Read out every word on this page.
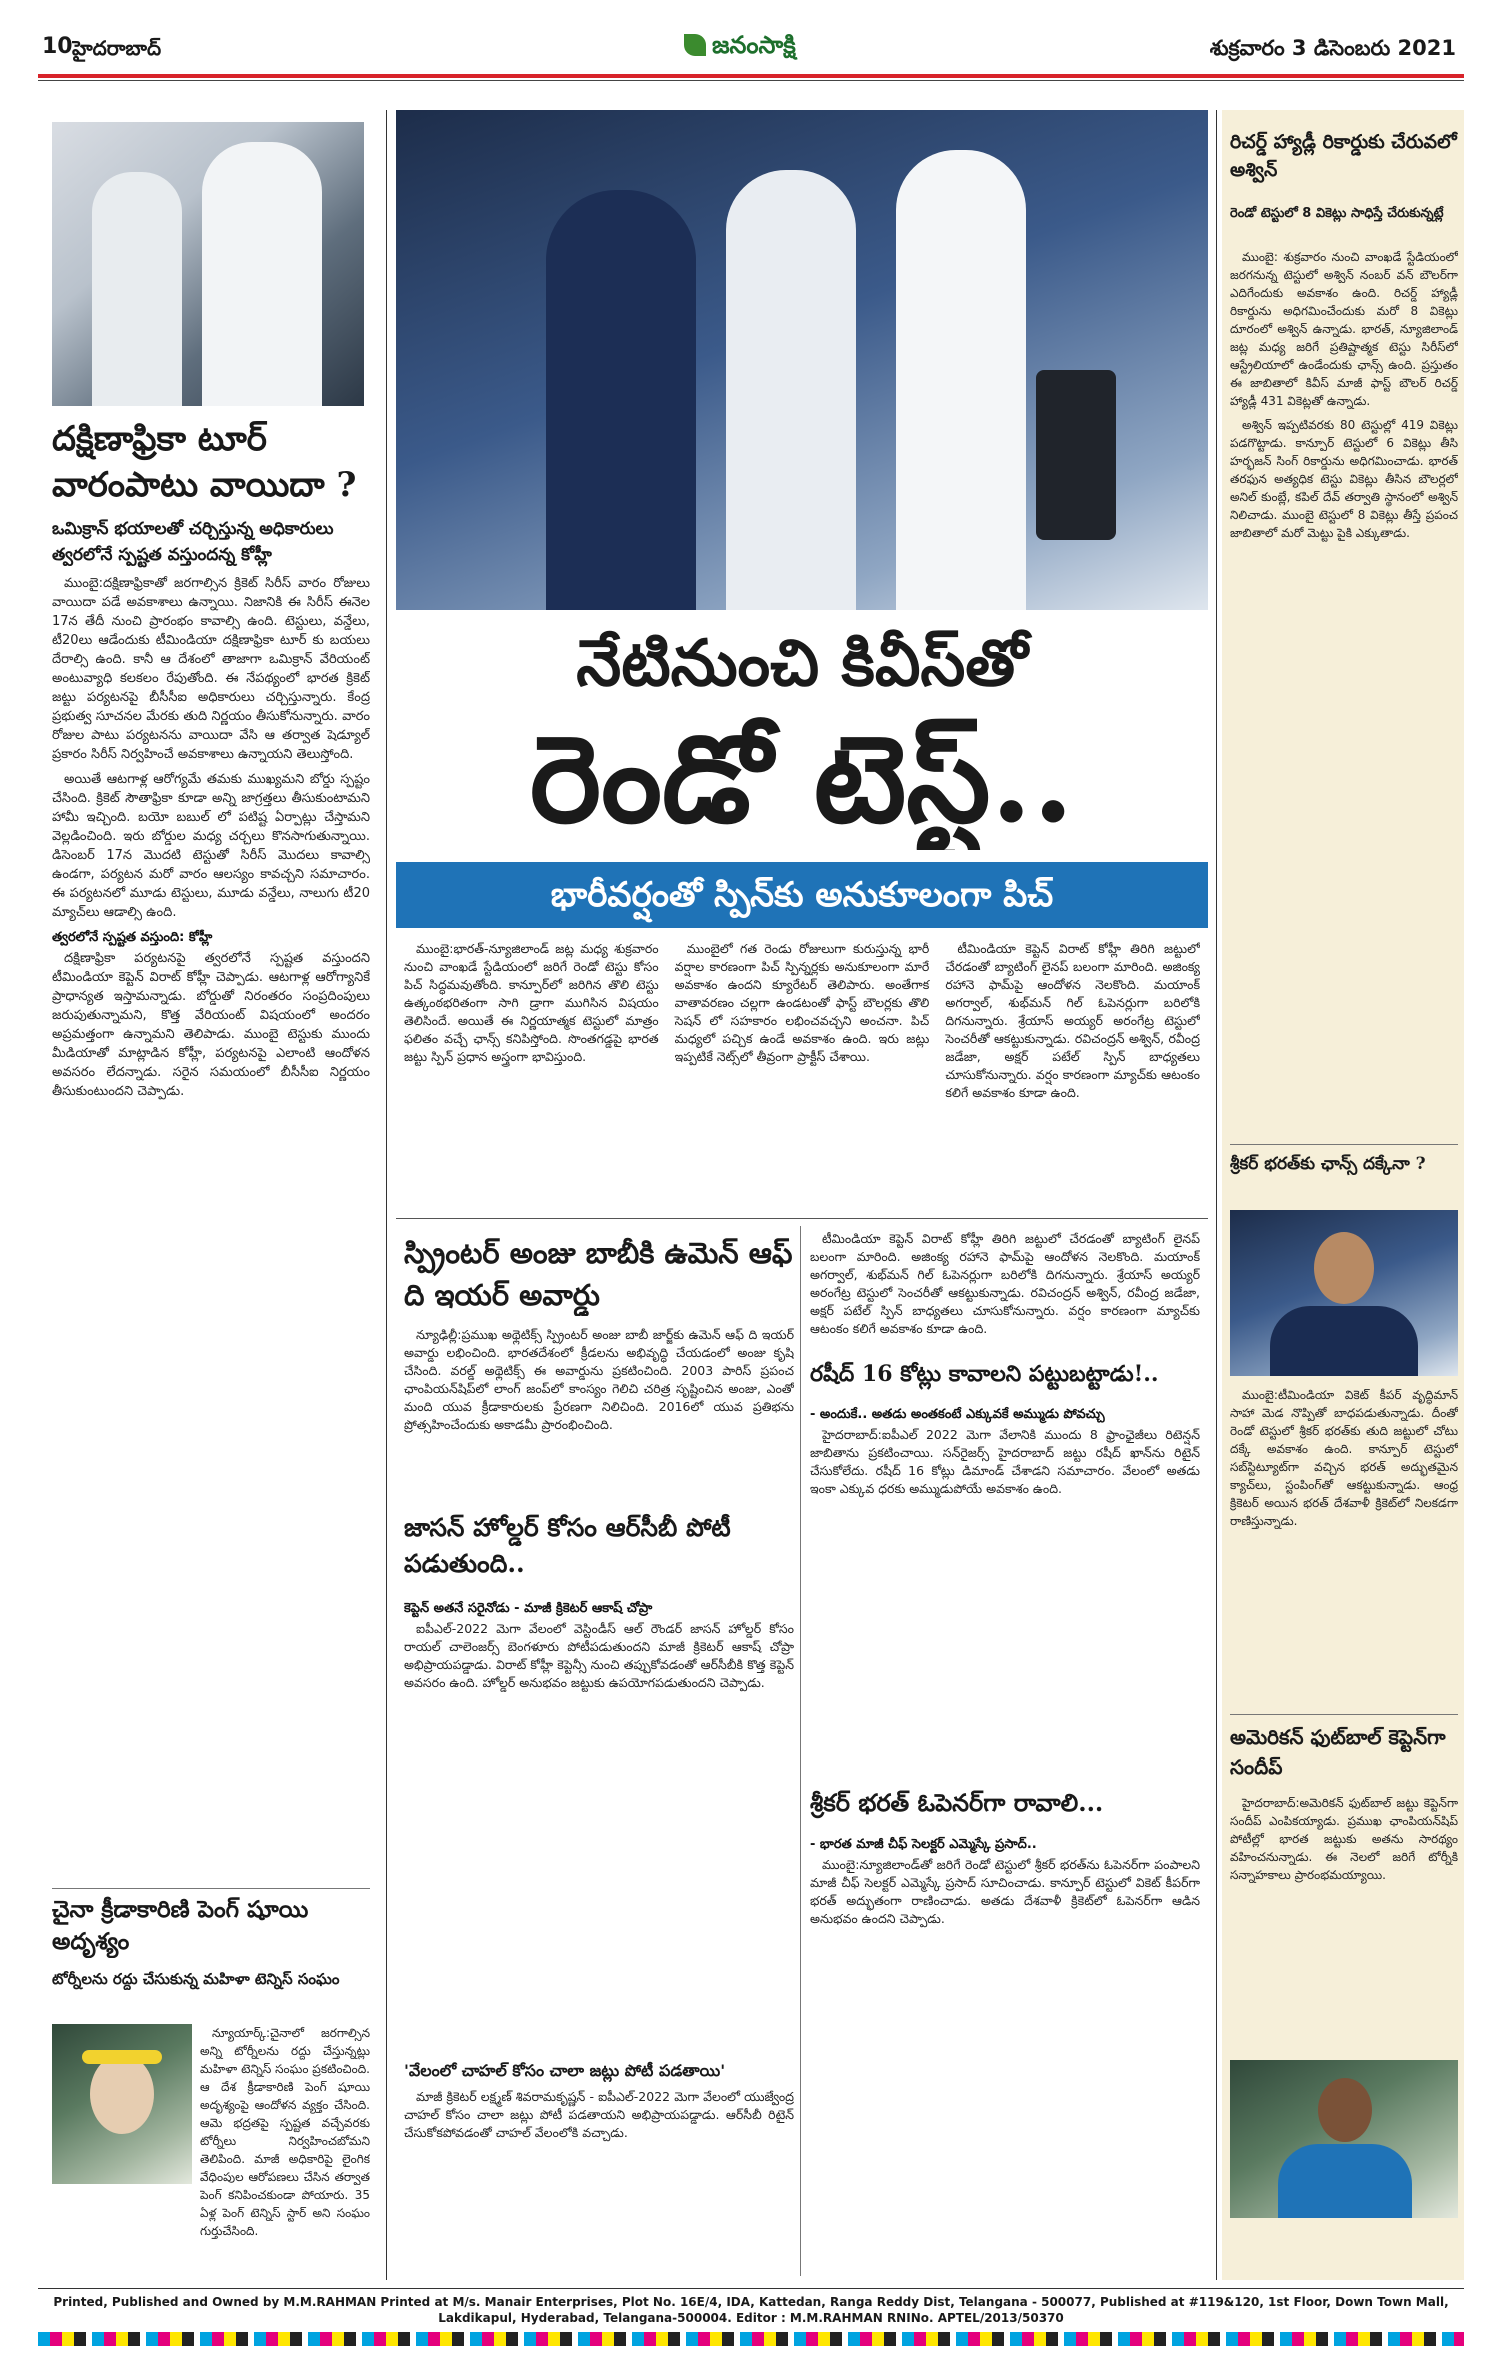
10 హైదరాబాద్	జనంసాక్షి	శుక్రవారం 3 డిసెంబరు 2021
దక్షిణాఫ్రికా టూర్ వారంపాటు వాయిదా ?
ఒమిక్రాన్ భయాలతో చర్చిస్తున్న అధికారులు త్వరలోనే స్పష్టత వస్తుందన్న కోహ్లీ

ముంబై:దక్షిణాఫ్రికాతో జరగాల్సిన క్రికెట్ సిరీస్ వారం రోజులు వాయిదా పడే అవకాశాలు ఉన్నాయి. నిజానికి ఈ సిరీస్ ఈనెల 17న తేదీ నుంచి ప్రారంభం కావాల్సి ఉంది. టెస్టులు, వన్డేలు, టీ20లు ఆడేందుకు టీమిండియా దక్షిణాఫ్రికా టూర్ కు బయలు దేరాల్సి ఉంది. కానీ ఆ దేశంలో తాజాగా ఒమిక్రాన్ వేరియంట్ అంటువ్యాధి కలకలం రేపుతోంది. ఈ నేపథ్యంలో భారత క్రికెట్ జట్టు పర్యటనపై బీసీసీఐ అధికారులు చర్చిస్తున్నారు. కేంద్ర ప్రభుత్వ సూచనల మేరకు తుది నిర్ణయం తీసుకోనున్నారు. వారం రోజుల పాటు పర్యటనను వాయిదా వేసి ఆ తర్వాత షెడ్యూల్ ప్రకారం సిరీస్ నిర్వహించే అవకాశాలు ఉన్నాయని తెలుస్తోంది.

అయితే ఆటగాళ్ల ఆరోగ్యమే తమకు ముఖ్యమని బోర్డు స్పష్టం చేసింది. క్రికెట్ సౌతాఫ్రికా కూడా అన్ని జాగ్రత్తలు తీసుకుంటామని హామీ ఇచ్చింది. బయో బబుల్ లో పటిష్ట ఏర్పాట్లు చేస్తామని వెల్లడించింది. ఇరు బోర్డుల మధ్య చర్చలు కొనసాగుతున్నాయి. డిసెంబర్ 17న మొదటి టెస్టుతో సిరీస్ మొదలు కావాల్సి ఉండగా, పర్యటన మరో వారం ఆలస్యం కావచ్చని సమాచారం. ఈ పర్యటనలో మూడు టెస్టులు, మూడు వన్డేలు, నాలుగు టీ20 మ్యాచ్‌లు ఆడాల్సి ఉంది.

త్వరలోనే స్పష్టత వస్తుంది: కోహ్లీ

దక్షిణాఫ్రికా పర్యటనపై త్వరలోనే స్పష్టత వస్తుందని టీమిండియా కెప్టెన్ విరాట్ కోహ్లీ చెప్పాడు. ఆటగాళ్ల ఆరోగ్యానికే ప్రాధాన్యత ఇస్తామన్నాడు. బోర్డుతో నిరంతరం సంప్రదింపులు జరుపుతున్నామని, కొత్త వేరియంట్ విషయంలో అందరం అప్రమత్తంగా ఉన్నామని తెలిపాడు. ముంబై టెస్టుకు ముందు మీడియాతో మాట్లాడిన కోహ్లీ, పర్యటనపై ఎలాంటి ఆందోళన అవసరం లేదన్నాడు. సరైన సమయంలో బీసీసీఐ నిర్ణయం తీసుకుంటుందని చెప్పాడు.

చైనా క్రీడాకారిణి పెంగ్ షూయి అదృశ్యం
టోర్నీలను రద్దు చేసుకున్న మహిళా టెన్నిస్ సంఘం

న్యూయార్క్:చైనాలో జరగాల్సిన అన్ని టోర్నీలను రద్దు చేస్తున్నట్లు మహిళా టెన్నిస్ సంఘం ప్రకటించింది. ఆ దేశ క్రీడాకారిణి పెంగ్ షూయి అదృశ్యంపై ఆందోళన వ్యక్తం చేసింది. ఆమె భద్రతపై స్పష్టత వచ్చేవరకు టోర్నీలు నిర్వహించబోమని తెలిపింది. మాజీ అధికారిపై లైంగిక వేధింపుల ఆరోపణలు చేసిన తర్వాత పెంగ్ కనిపించకుండా పోయారు. 35 ఏళ్ల పెంగ్ టెన్నిస్ స్టార్ అని సంఘం గుర్తుచేసింది.

నేటినుంచి కివీస్‌తో
రెండో టెస్ట్..
భారీవర్షంతో స్పిన్‌కు అనుకూలంగా పిచ్

ముంబై:భారత్-న్యూజిలాండ్ జట్ల మధ్య శుక్రవారం నుంచి వాంఖడే స్టేడియంలో జరిగే రెండో టెస్టు కోసం పిచ్ సిద్ధమవుతోంది. కాన్పూర్‌లో జరిగిన తొలి టెస్టు ఉత్కంఠభరితంగా సాగి డ్రాగా ముగిసిన విషయం తెలిసిందే. అయితే ఈ నిర్ణయాత్మక టెస్టులో మాత్రం ఫలితం వచ్చే ఛాన్స్ కనిపిస్తోంది. సొంతగడ్డపై భారత జట్టు స్పిన్ ప్రధాన అస్త్రంగా భావిస్తుంది.

ముంబైలో గత రెండు రోజులుగా కురుస్తున్న భారీ వర్షాల కారణంగా పిచ్ స్పిన్నర్లకు అనుకూలంగా మారే అవకాశం ఉందని క్యూరేటర్ తెలిపారు. అంతేగాక వాతావరణం చల్లగా ఉండటంతో ఫాస్ట్ బౌలర్లకు తొలి సెషన్ లో సహకారం లభించవచ్చని అంచనా. పిచ్ మధ్యలో పచ్చిక ఉండే అవకాశం ఉంది. ఇరు జట్లు ఇప్పటికే నెట్స్‌లో తీవ్రంగా ప్రాక్టీస్ చేశాయి.

టీమిండియా కెప్టెన్ విరాట్ కోహ్లీ తిరిగి జట్టులో చేరడంతో బ్యాటింగ్ లైనప్ బలంగా మారింది. అజింక్య రహానె ఫామ్‌పై ఆందోళన నెలకొంది. మయాంక్ అగర్వాల్, శుభ్‌మన్ గిల్ ఓపెనర్లుగా బరిలోకి దిగనున్నారు. శ్రేయాస్ అయ్యర్ అరంగేట్ర టెస్టులో సెంచరీతో ఆకట్టుకున్నాడు. రవిచంద్రన్ అశ్విన్, రవీంద్ర జడేజా, అక్షర్ పటేల్ స్పిన్ బాధ్యతలు చూసుకోనున్నారు. వర్షం కారణంగా మ్యాచ్‌కు ఆటంకం కలిగే అవకాశం కూడా ఉంది.

స్ప్రింటర్ అంజు బాబీకి ఉమెన్ ఆఫ్ ది ఇయర్ అవార్డు

న్యూఢిల్లీ:ప్రముఖ అథ్లెటిక్స్ స్ప్రింటర్ అంజు బాబీ జార్జ్‌కు ఉమెన్ ఆఫ్ ది ఇయర్ అవార్డు లభించింది. భారతదేశంలో క్రీడలను అభివృద్ధి చేయడంలో అంజు కృషి చేసింది. వరల్డ్ అథ్లెటిక్స్ ఈ అవార్డును ప్రకటించింది. 2003 పారిస్ ప్రపంచ ఛాంపియన్‌షిప్‌లో లాంగ్ జంప్‌లో కాంస్యం గెలిచి చరిత్ర సృష్టించిన అంజు, ఎంతో మంది యువ క్రీడాకారులకు ప్రేరణగా నిలిచింది. 2016లో యువ ప్రతిభను ప్రోత్సహించేందుకు అకాడమీ ప్రారంభించింది.

జాసన్ హోల్డర్ కోసం ఆర్‌సీబీ పోటీ పడుతుంది..
కెప్టెన్ అతనే సరైనోడు - మాజీ క్రికెటర్ ఆకాష్ చోప్రా

ఐపీఎల్-2022 మెగా వేలంలో వెస్టిండీస్ ఆల్ రౌండర్ జాసన్ హోల్డర్ కోసం రాయల్ చాలెంజర్స్ బెంగళూరు పోటీపడుతుందని మాజీ క్రికెటర్ ఆకాష్ చోప్రా అభిప్రాయపడ్డాడు. విరాట్ కోహ్లీ కెప్టెన్సీ నుంచి తప్పుకోవడంతో ఆర్‌సీబీకి కొత్త కెప్టెన్ అవసరం ఉంది. హోల్డర్ అనుభవం జట్టుకు ఉపయోగపడుతుందని చెప్పాడు.

'వేలంలో చాహల్ కోసం చాలా జట్లు పోటీ పడతాయి'

మాజీ క్రికెటర్ లక్ష్మణ్ శివరామకృష్ణన్ - ఐపీఎల్-2022 మెగా వేలంలో యుజ్వేంద్ర చాహల్ కోసం చాలా జట్లు పోటీ పడతాయని అభిప్రాయపడ్డాడు. ఆర్‌సీబీ రిటైన్ చేసుకోకపోవడంతో చాహల్ వేలంలోకి వచ్చాడు.

టీమిండియా కెప్టెన్ విరాట్ కోహ్లీ తిరిగి జట్టులో చేరడంతో బ్యాటింగ్ లైనప్ బలంగా మారింది. అజింక్య రహానె ఫామ్‌పై ఆందోళన నెలకొంది. మయాంక్ అగర్వాల్, శుభ్‌మన్ గిల్ ఓపెనర్లుగా బరిలోకి దిగనున్నారు. శ్రేయాస్ అయ్యర్ అరంగేట్ర టెస్టులో సెంచరీతో ఆకట్టుకున్నాడు. రవిచంద్రన్ అశ్విన్, రవీంద్ర జడేజా, అక్షర్ పటేల్ స్పిన్ బాధ్యతలు చూసుకోనున్నారు. వర్షం కారణంగా మ్యాచ్‌కు ఆటంకం కలిగే అవకాశం కూడా ఉంది.

రషీద్ 16 కోట్లు కావాలని పట్టుబట్టాడు!..
- అందుకే.. అతడు అంతకంటే ఎక్కువకే అమ్ముడు పోవచ్చు

హైదరాబాద్:ఐపీఎల్ 2022 మెగా వేలానికి ముందు 8 ఫ్రాంఛైజీలు రిటెన్షన్ జాబితాను ప్రకటించాయి. సన్‌రైజర్స్ హైదరాబాద్ జట్టు రషీద్ ఖాన్‌ను రిటైన్ చేసుకోలేదు. రషీద్ 16 కోట్లు డిమాండ్ చేశాడని సమాచారం. వేలంలో అతడు ఇంకా ఎక్కువ ధరకు అమ్ముడుపోయే అవకాశం ఉంది.

శ్రీకర్ భరత్ ఓపెనర్‌గా రావాలి...
- భారత మాజీ చీఫ్ సెలక్టర్ ఎమ్మెస్కే ప్రసాద్..

ముంబై:న్యూజిలాండ్‌తో జరిగే రెండో టెస్టులో శ్రీకర్ భరత్‌ను ఓపెనర్‌గా పంపాలని మాజీ చీఫ్ సెలక్టర్ ఎమ్మెస్కే ప్రసాద్ సూచించాడు. కాన్పూర్ టెస్టులో వికెట్ కీపర్‌గా భరత్ అద్భుతంగా రాణించాడు. అతడు దేశవాళీ క్రికెట్‌లో ఓపెనర్‌గా ఆడిన అనుభవం ఉందని చెప్పాడు.

రిచర్డ్ హ్యాడ్లీ రికార్డుకు చేరువలో అశ్విన్
రెండో టెస్టులో 8 వికెట్లు సాధిస్తే చేరుకున్నట్లే

ముంబై: శుక్రవారం నుంచి వాంఖడే స్టేడియంలో జరగనున్న టెస్టులో అశ్విన్ నంబర్ వన్ బౌలర్‌గా ఎదిగేందుకు అవకాశం ఉంది. రిచర్డ్ హ్యాడ్లీ రికార్డును అధిగమించేందుకు మరో 8 వికెట్లు దూరంలో అశ్విన్ ఉన్నాడు. భారత్, న్యూజిలాండ్ జట్ల మధ్య జరిగే ప్రతిష్టాత్మక టెస్టు సిరీస్‌లో ఆస్ట్రేలియాలో ఉండేందుకు ఛాన్స్ ఉంది. ప్రస్తుతం ఈ జాబితాలో కివీస్ మాజీ ఫాస్ట్ బౌలర్ రిచర్డ్ హ్యాడ్లీ 431 వికెట్లతో ఉన్నాడు.

అశ్విన్ ఇప్పటివరకు 80 టెస్టుల్లో 419 వికెట్లు పడగొట్టాడు. కాన్పూర్ టెస్టులో 6 వికెట్లు తీసి హర్భజన్ సింగ్ రికార్డును అధిగమించాడు. భారత్ తరఫున అత్యధిక టెస్టు వికెట్లు తీసిన బౌలర్లలో అనిల్ కుంబ్లే, కపిల్ దేవ్ తర్వాతి స్థానంలో అశ్విన్ నిలిచాడు. ముంబై టెస్టులో 8 వికెట్లు తీస్తే ప్రపంచ జాబితాలో మరో మెట్టు పైకి ఎక్కుతాడు.

శ్రీకర్ భరత్‌కు ఛాన్స్ దక్కేనా ?

ముంబై:టీమిండియా వికెట్ కీపర్ వృద్ధిమాన్ సాహా మెడ నొప్పితో బాధపడుతున్నాడు. దీంతో రెండో టెస్టులో శ్రీకర్ భరత్‌కు తుది జట్టులో చోటు దక్కే అవకాశం ఉంది. కాన్పూర్ టెస్టులో సబ్‌స్టిట్యూట్‌గా వచ్చిన భరత్ అద్భుతమైన క్యాచ్‌లు, స్టంపింగ్‌తో ఆకట్టుకున్నాడు. ఆంధ్ర క్రికెటర్ అయిన భరత్ దేశవాళీ క్రికెట్‌లో నిలకడగా రాణిస్తున్నాడు.

అమెరికన్ ఫుట్‌బాల్ కెప్టెన్‌గా సందీప్

హైదరాబాద్:అమెరికన్ ఫుట్‌బాల్ జట్టు కెప్టెన్‌గా సందీప్ ఎంపికయ్యాడు. ప్రముఖ ఛాంపియన్‌షిప్ పోటీల్లో భారత జట్టుకు అతను సారథ్యం వహించనున్నాడు. ఈ నెలలో జరిగే టోర్నీకి సన్నాహకాలు ప్రారంభమయ్యాయి.

Printed, Published and Owned by M.M.RAHMAN Printed at M/s. Manair Enterprises, Plot No. 16E/4, IDA, Kattedan, Ranga Reddy Dist, Telangana - 500077, Published at #119&120, 1st Floor, Down Town Mall, Lakdikapul, Hyderabad, Telangana-500004. Editor : M.M.RAHMAN RNINo. APTEL/2013/50370
